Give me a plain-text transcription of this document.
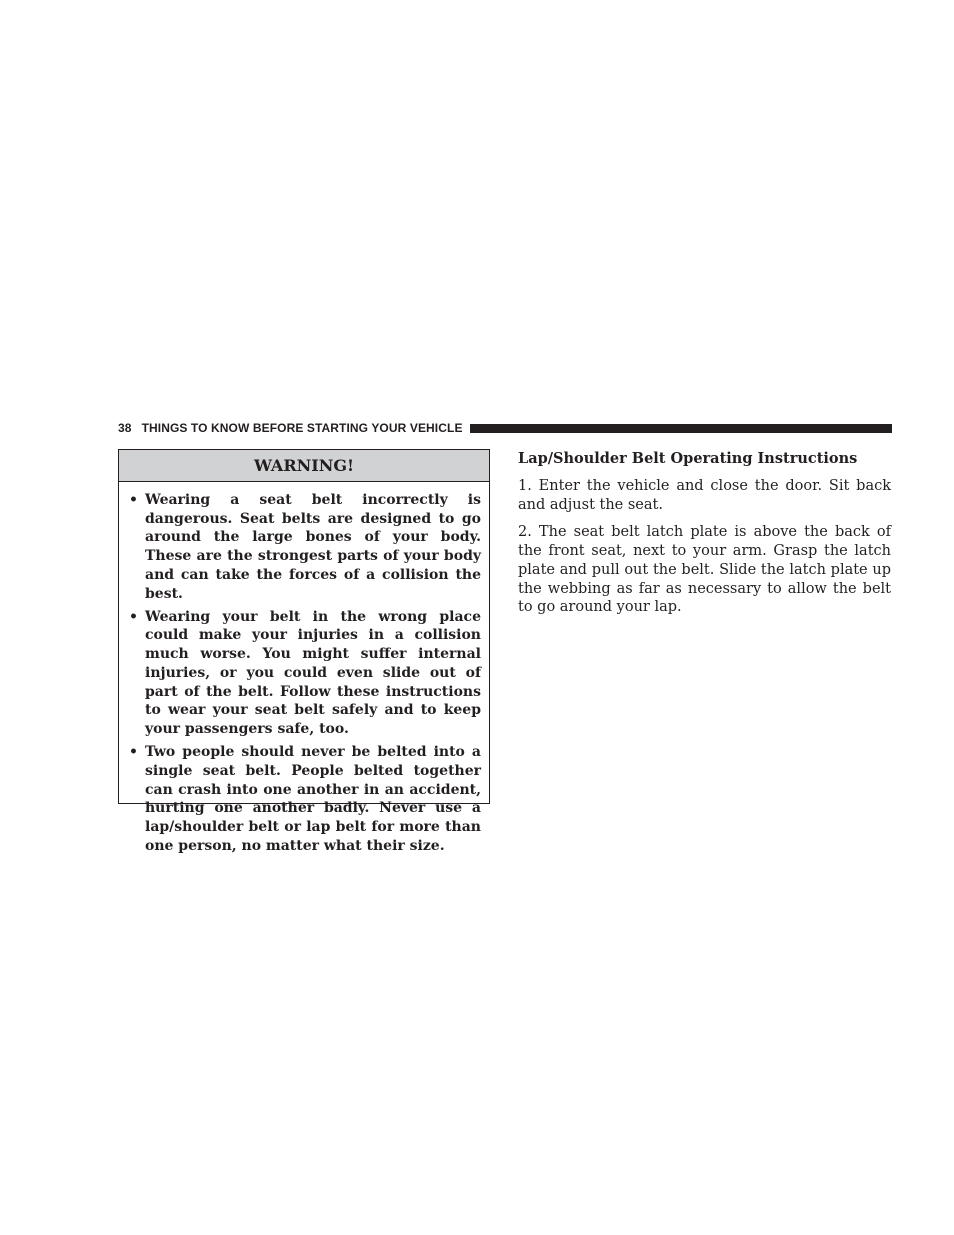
38 THINGS TO KNOW BEFORE STARTING YOUR VEHICLE
WARNING!
• Wearing a seat belt incorrectly is dangerous. Seat belts are designed to go around the large bones of your body. These are the strongest parts of your body and can take the forces of a collision the best.
• Wearing your belt in the wrong place could make your injuries in a collision much worse. You might suffer internal injuries, or you could even slide out of part of the belt. Follow these instructions to wear your seat belt safely and to keep your passengers safe, too.
• Two people should never be belted into a single seat belt. People belted together can crash into one another in an accident, hurting one another badly. Never use a lap/shoulder belt or lap belt for more than one person, no matter what their size.

Lap/Shoulder Belt Operating Instructions

1. Enter the vehicle and close the door. Sit back and adjust the seat.

2. The seat belt latch plate is above the back of the front seat, next to your arm. Grasp the latch plate and pull out the belt. Slide the latch plate up the webbing as far as necessary to allow the belt to go around your lap.
